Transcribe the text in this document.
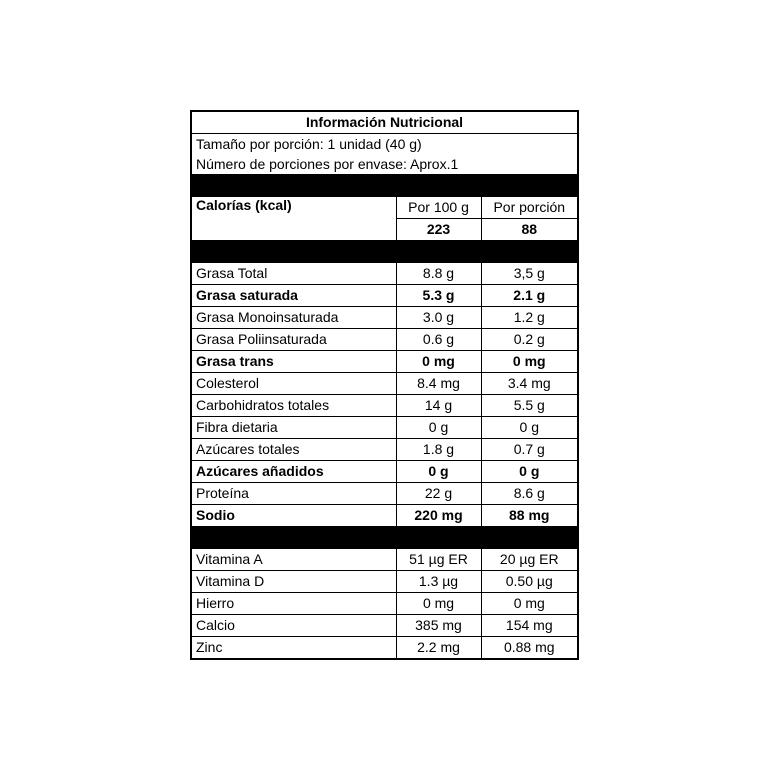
Información Nutricional		

Tamaño por porción: 1 unidad (40 g)
Número de porciones por envase: Aprox.1		

Calorías (kcal)	Por 100 g	Por porción
	223	88

Grasa Total	8.8 g	3,5 g
Grasa saturada	5.3 g	2.1 g
Grasa Monoinsaturada	3.0 g	1.2 g
Grasa Poliinsaturada	0.6 g	0.2 g
Grasa trans	0 mg	0 mg
Colesterol	8.4 mg	3.4 mg
Carbohidratos totales	14 g	5.5 g
Fibra dietaria	0 g	0 g
Azúcares totales	1.8 g	0.7 g
Azúcares añadidos	0 g	0 g
Proteína	22 g	8.6 g
Sodio	220 mg	88 mg

Vitamina A	51 µg ER	20 µg ER
Vitamina D	1.3 µg	0.50 µg
Hierro	0 mg	0 mg
Calcio	385 mg	154 mg
Zinc	2.2 mg	0.88 mg
